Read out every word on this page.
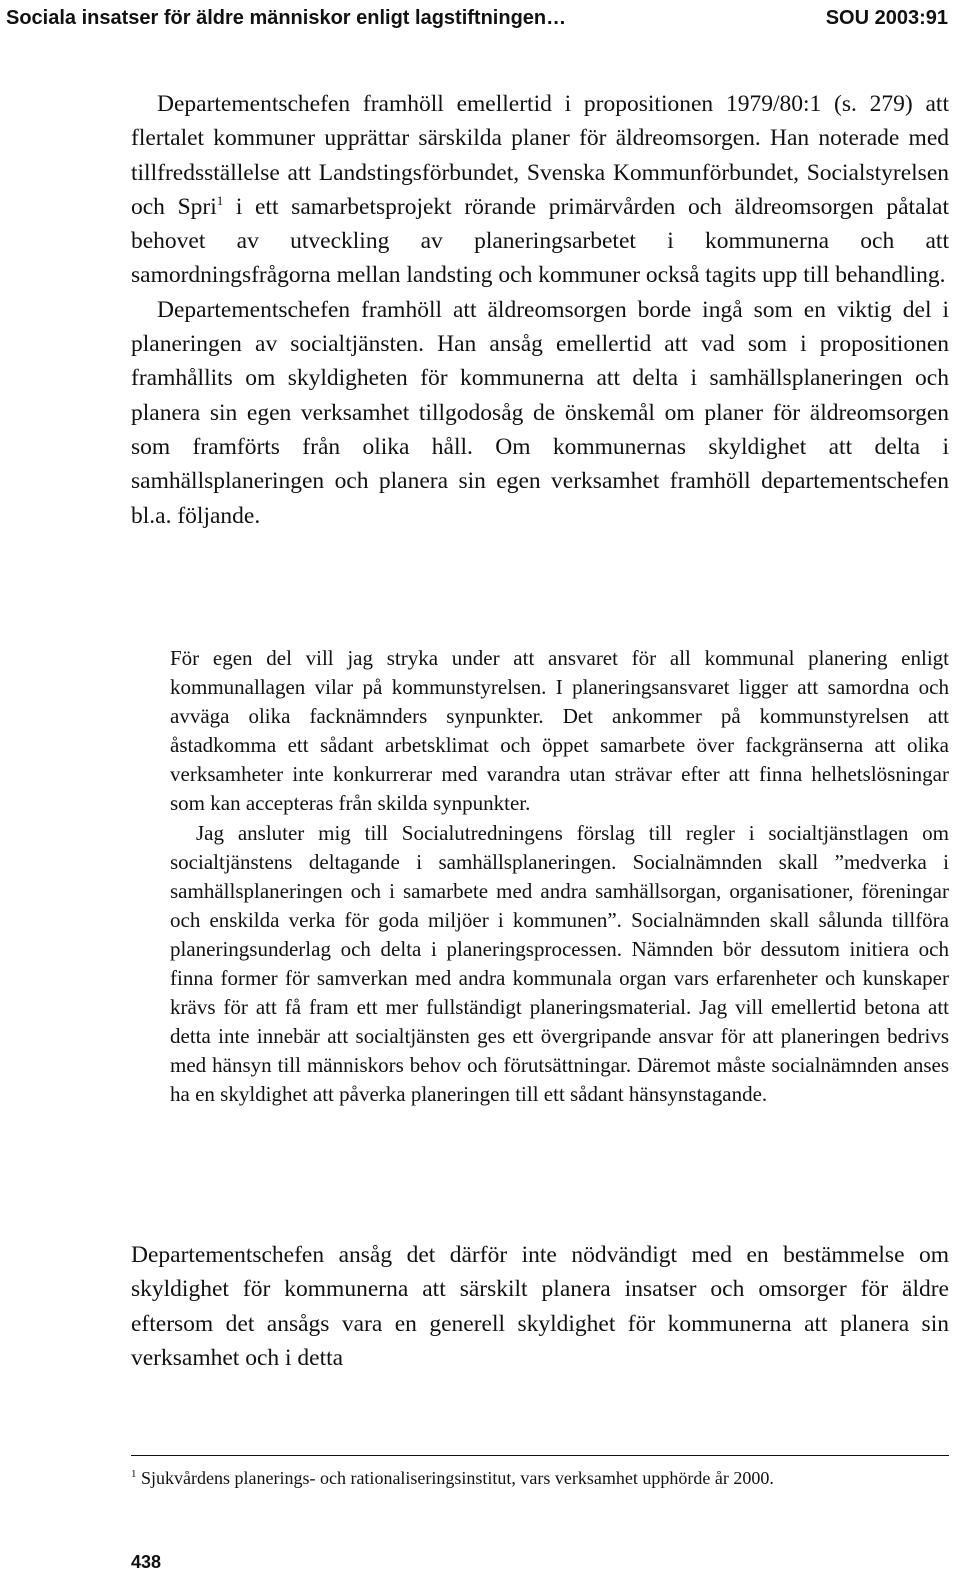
Sociala insatser för äldre människor enligt lagstiftningen…	SOU 2003:91

Departementschefen framhöll emellertid i propositionen 1979/80:1 (s. 279) att flertalet kommuner upprättar särskilda planer för äldreomsorgen. Han noterade med tillfredsställelse att Landstingsförbundet, Svenska Kommunförbundet, Socialstyrelsen och Spri$^1$ i ett samarbetsprojekt rörande primärvården och äldreomsorgen påtalat behovet av utveckling av planeringsarbetet i kommunerna och att samordningsfrågorna mellan landsting och kommuner också tagits upp till behandling.

Departementschefen framhöll att äldreomsorgen borde ingå som en viktig del i planeringen av socialtjänsten. Han ansåg emellertid att vad som i propositionen framhållits om skyldigheten för kommunerna att delta i samhällsplaneringen och planera sin egen verksamhet tillgodosåg de önskemål om planer för äldreomsorgen som framförts från olika håll. Om kommunernas skyldighet att delta i samhällsplaneringen och planera sin egen verksamhet framhöll departementschefen bl.a. följande.

För egen del vill jag stryka under att ansvaret för all kommunal planering enligt kommunallagen vilar på kommunstyrelsen. I planeringsansvaret ligger att samordna och avväga olika facknämnders synpunkter. Det ankommer på kommunstyrelsen att åstadkomma ett sådant arbetsklimat och öppet samarbete över fackgränserna att olika verksamheter inte konkurrerar med varandra utan strävar efter att finna helhetslösningar som kan accepteras från skilda synpunkter.

Jag ansluter mig till Socialutredningens förslag till regler i socialtjänstlagen om socialtjänstens deltagande i samhällsplaneringen. Socialnämnden skall ”medverka i samhällsplaneringen och i samarbete med andra samhällsorgan, organisationer, föreningar och enskilda verka för goda miljöer i kommunen”. Socialnämnden skall sålunda tillföra planeringsunderlag och delta i planeringsprocessen. Nämnden bör dessutom initiera och finna former för samverkan med andra kommunala organ vars erfarenheter och kunskaper krävs för att få fram ett mer fullständigt planeringsmaterial. Jag vill emellertid betona att detta inte innebär att socialtjänsten ges ett övergripande ansvar för att planeringen bedrivs med hänsyn till människors behov och förutsättningar. Däremot måste socialnämnden anses ha en skyldighet att påverka planeringen till ett sådant hänsynstagande.

Departementschefen ansåg det därför inte nödvändigt med en bestämmelse om skyldighet för kommunerna att särskilt planera insatser och omsorger för äldre eftersom det ansågs vara en generell skyldighet för kommunerna att planera sin verksamhet och i detta

$^1$ Sjukvårdens planerings- och rationaliseringsinstitut, vars verksamhet upphörde år 2000.
438
